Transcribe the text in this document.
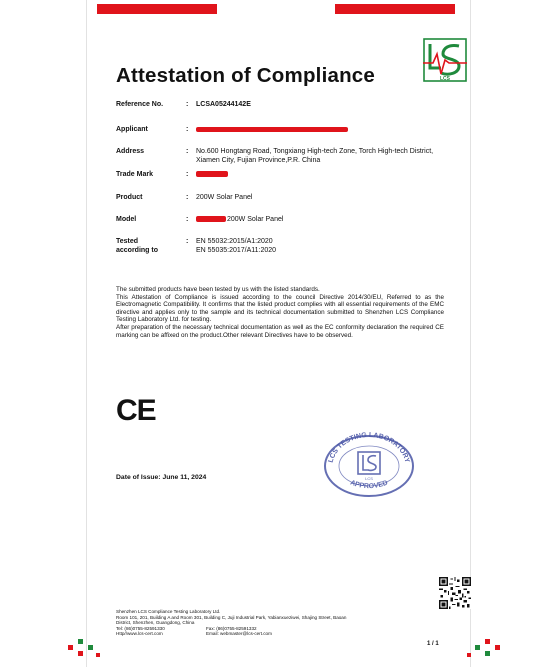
LCS
Attestation of Compliance
Reference No.	: LCSA05244142E
Applicant	:
Address	: No.600 Hongtang Road, Tongxiang High-tech Zone, Torch High-tech District, Xiamen City, Fujian Province,P.R. China
Trade Mark	:
Product	: 200W Solar Panel
Model	:	200W Solar Panel
Tested according to
: EN 55032:2015/A1:2020
EN 55035:2017/A11:2020

The submitted products have been tested by us with the listed standards.

This Attestation of Compliance is issued according to the council Directive 2014/30/EU, Referred to as the Electromagnetic Compatibility. It confirms that the listed product complies with all essential requirements of the EMC directive and applies only to the sample and its technical documentation submitted to Shenzhen LCS Compliance Testing Laboratory Ltd. for testing.

After preparation of the necessary technical documentation as well as the EC conformity declaration the required CE marking can be affixed on the product.Other relevant Directives have to be observed.

CE
LCS TESTING LABORATORY
APPROVED
LCS
Date of Issue: June 11, 2024
Shenzhen LCS Compliance Testing Laboratory Ltd.
Room 101, 201, Building A and Room 301, Building C, Juji Industrial Park, Yabianxueziwei, Shajing Street, Baoan
District, Shenzhen, Guangdong, China
Tel: (86)0755-82591330	Fax: (86)0755-82591332
Http//www.lcs-cert.com	Email: webmaster@lcs-cert.com
1 / 1
